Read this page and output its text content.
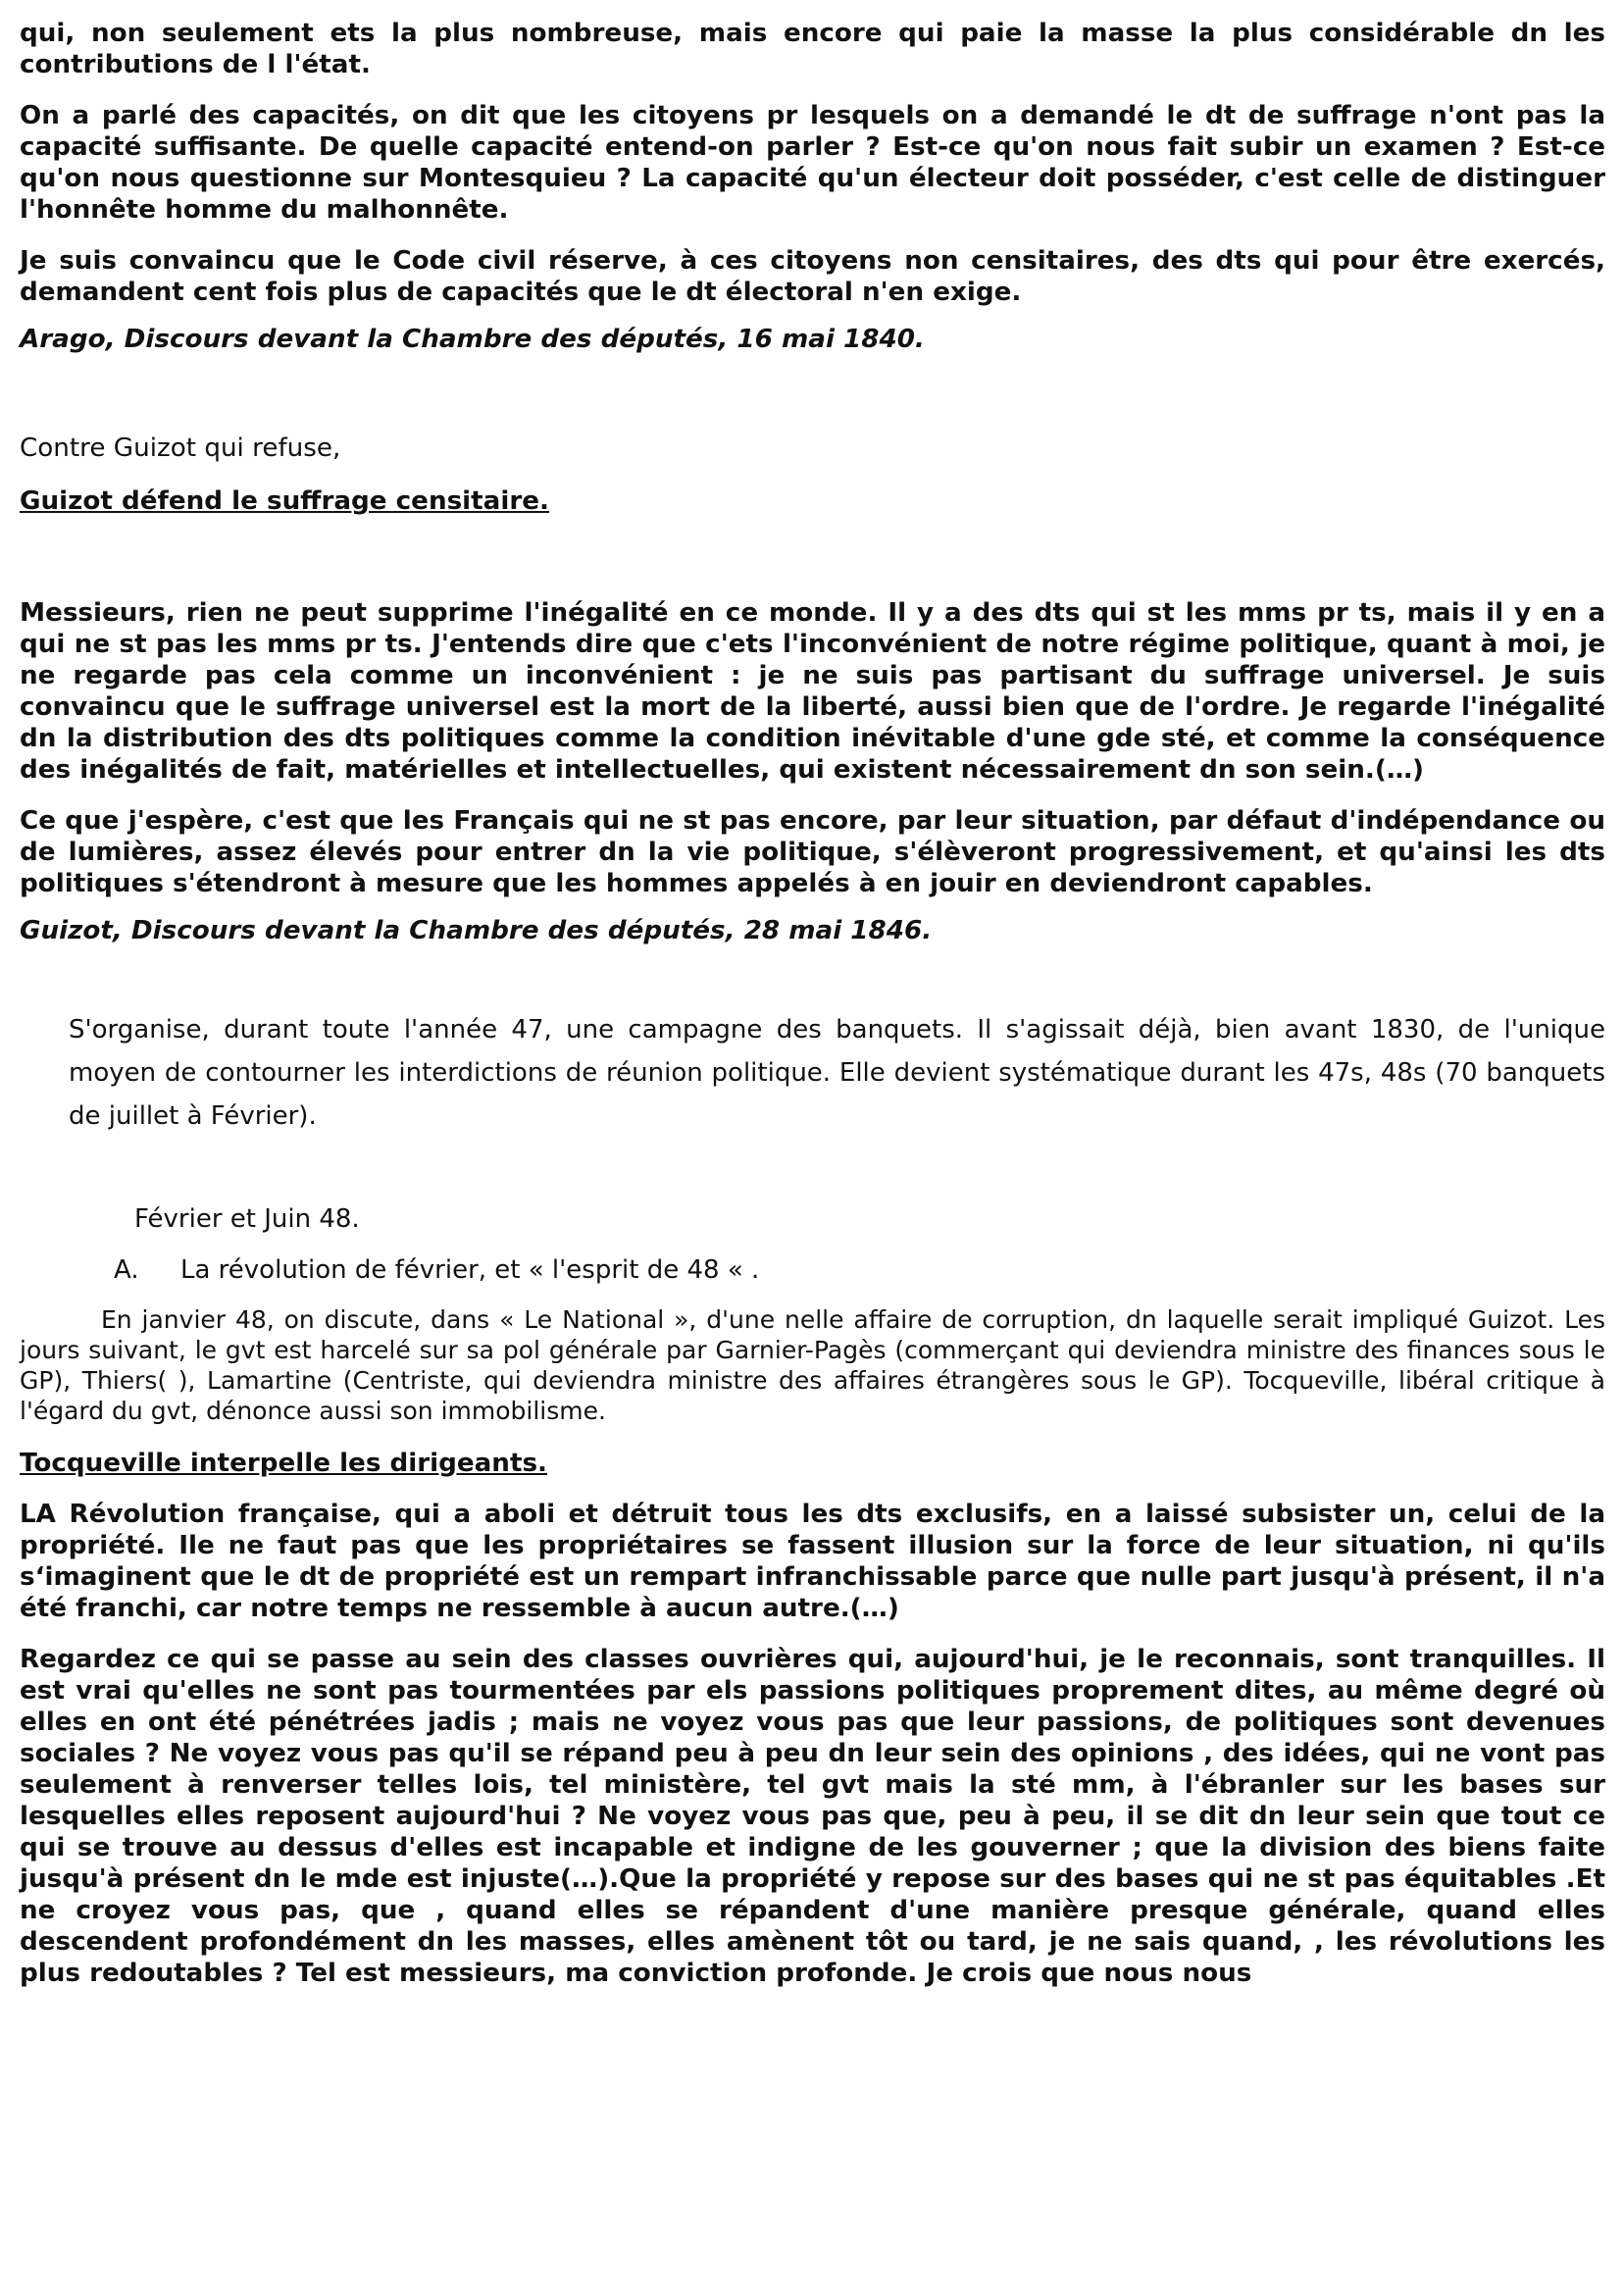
qui, non seulement ets la plus nombreuse, mais encore qui paie la masse la plus considérable dn les contributions de l l'état.

On a parlé des capacités, on dit que les citoyens pr lesquels on a demandé le dt de suffrage n'ont pas la capacité suffisante. De quelle capacité entend-on parler ? Est-ce qu'on nous fait subir un examen ? Est-ce qu'on nous questionne sur Montesquieu ? La capacité qu'un électeur doit posséder, c'est celle de distinguer l'honnête homme du malhonnête.

Je suis convaincu que le Code civil réserve, à ces citoyens non censitaires, des dts qui pour être exercés, demandent cent fois plus de capacités que le dt électoral n'en exige.

Arago, Discours devant la Chambre des députés, 16 mai 1840.

Contre Guizot qui refuse,

Guizot défend le suffrage censitaire.

Messieurs, rien ne peut supprime l'inégalité en ce monde. Il y a des dts qui st les mms pr ts, mais il y en a qui ne st pas les mms pr ts. J'entends dire que c'ets l'inconvénient de notre régime politique, quant à moi, je ne regarde pas cela comme un inconvénient : je ne suis pas partisant du suffrage universel. Je suis convaincu que le suffrage universel est la mort de la liberté, aussi bien que de l'ordre. Je regarde l'inégalité dn la distribution des dts politiques comme la condition inévitable d'une gde sté, et comme la conséquence des inégalités de fait, matérielles et intellectuelles, qui existent nécessairement dn son sein.(…)

Ce que j'espère, c'est que les Français qui ne st pas encore, par leur situation, par défaut d'indépendance ou de lumières, assez élevés pour entrer dn la vie politique, s'élèveront progressivement, et qu'ainsi les dts politiques s'étendront à mesure que les hommes appelés à en jouir en deviendront capables.

Guizot, Discours devant la Chambre des députés, 28 mai 1846.

S'organise, durant toute l'année 47, une campagne des banquets. Il s'agissait déjà, bien avant 1830, de l'unique moyen de contourner les interdictions de réunion politique. Elle devient systématique durant les 47s, 48s (70 banquets de juillet à Février).

Février et Juin 48.

A.	La révolution de février, et « l'esprit de 48 « .

En janvier 48, on discute, dans « Le National », d'une nelle affaire de corruption, dn laquelle serait impliqué Guizot. Les jours suivant, le gvt est harcelé sur sa pol générale par Garnier-Pagès (commerçant qui deviendra ministre des finances sous le GP), Thiers( ), Lamartine (Centriste, qui deviendra ministre des affaires étrangères sous le GP). Tocqueville, libéral critique à l'égard du gvt, dénonce aussi son immobilisme.

Tocqueville interpelle les dirigeants.

LA Révolution française, qui a aboli et détruit tous les dts exclusifs, en a laissé subsister un, celui de la propriété. Ile ne faut pas que les propriétaires se fassent illusion sur la force de leur situation, ni qu'ils s‘imaginent que le dt de propriété est un rempart infranchissable parce que nulle part jusqu'à présent, il n'a été franchi, car notre temps ne ressemble à aucun autre.(…)

Regardez ce qui se passe au sein des classes ouvrières qui, aujourd'hui, je le reconnais, sont tranquilles. Il est vrai qu'elles ne sont pas tourmentées par els passions politiques proprement dites, au même degré où elles en ont été pénétrées jadis ; mais ne voyez vous pas que leur passions, de politiques sont devenues sociales ? Ne voyez vous pas qu'il se répand peu à peu dn leur sein des opinions , des idées, qui ne vont pas seulement à renverser telles lois, tel ministère, tel gvt mais la sté mm, à l'ébranler sur les bases sur lesquelles elles reposent aujourd'hui ? Ne voyez vous pas que, peu à peu, il se dit dn leur sein que tout ce qui se trouve au dessus d'elles est incapable et indigne de les gouverner ; que la division des biens faite jusqu'à présent dn le mde est injuste(…).Que la propriété y repose sur des bases qui ne st pas équitables .Et ne croyez vous pas, que , quand elles se répandent d'une manière presque générale, quand elles descendent profondément dn les masses, elles amènent tôt ou tard, je ne sais quand, , les révolutions les plus redoutables ? Tel est messieurs, ma conviction profonde. Je crois que nous nous
